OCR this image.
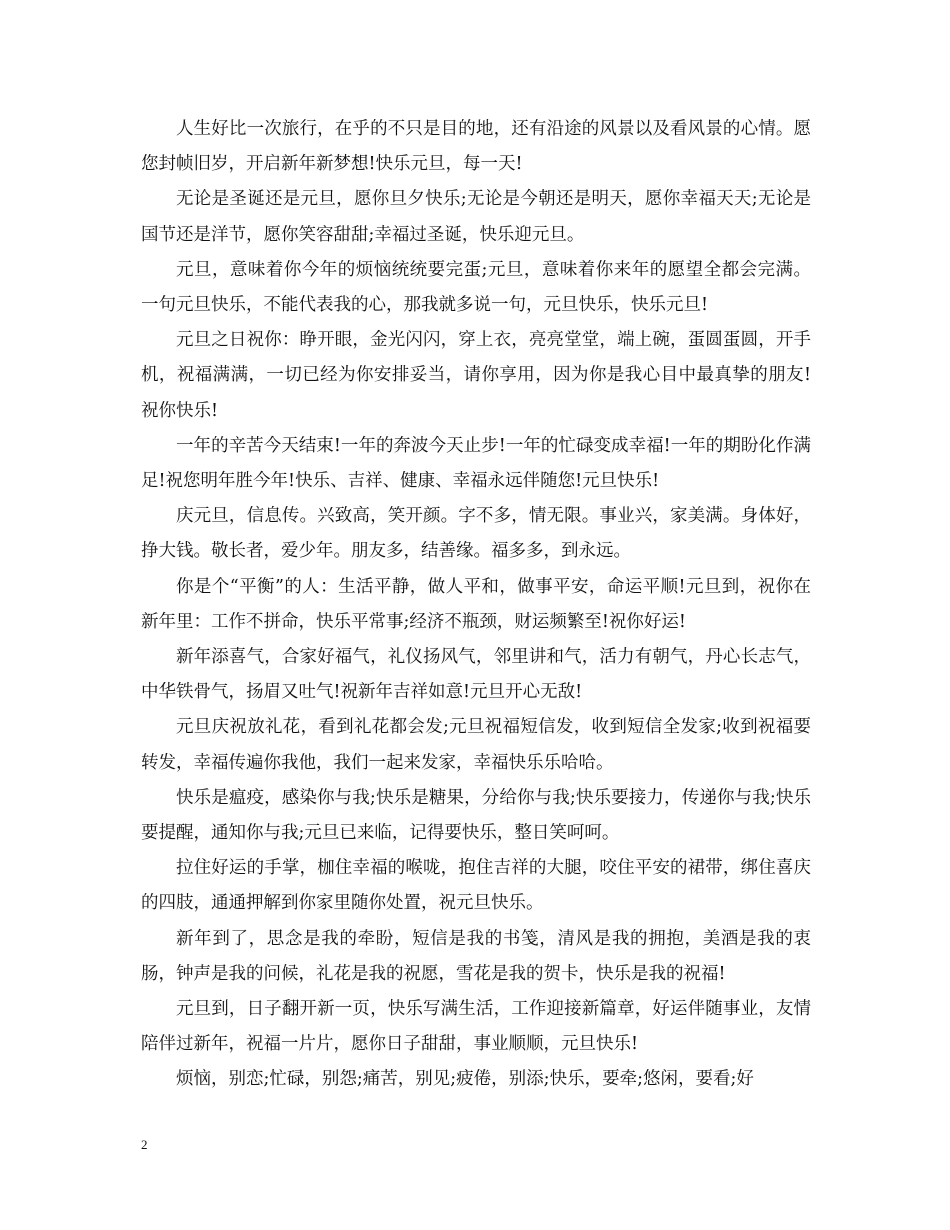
人生好比一次旅行，在乎的不只是目的地，还有沿途的风景以及看风景的心情。愿您封帧旧岁，开启新年新梦想!快乐元旦，每一天!

无论是圣诞还是元旦，愿你旦夕快乐;无论是今朝还是明天，愿你幸福天天;无论是国节还是洋节，愿你笑容甜甜;幸福过圣诞，快乐迎元旦。

元旦，意味着你今年的烦恼统统要完蛋;元旦，意味着你来年的愿望全都会完满。一句元旦快乐，不能代表我的心，那我就多说一句，元旦快乐，快乐元旦!

元旦之日祝你：睁开眼，金光闪闪，穿上衣，亮亮堂堂，端上碗，蛋圆蛋圆，开手机，祝福满满，一切已经为你安排妥当，请你享用，因为你是我心目中最真挚的朋友!祝你快乐!

一年的辛苦今天结束!一年的奔波今天止步!一年的忙碌变成幸福!一年的期盼化作满足!祝您明年胜今年!快乐、吉祥、健康、幸福永远伴随您!元旦快乐!

庆元旦，信息传。兴致高，笑开颜。字不多，情无限。事业兴，家美满。身体好，挣大钱。敬长者，爱少年。朋友多，结善缘。福多多，到永远。

你是个“平衡”的人：生活平静，做人平和，做事平安，命运平顺!元旦到，祝你在新年里：工作不拼命，快乐平常事;经济不瓶颈，财运频繁至!祝你好运!

新年添喜气，合家好福气，礼仪扬风气，邻里讲和气，活力有朝气，丹心长志气，中华铁骨气，扬眉又吐气!祝新年吉祥如意!元旦开心无敌!

元旦庆祝放礼花，看到礼花都会发;元旦祝福短信发，收到短信全发家;收到祝福要转发，幸福传遍你我他，我们一起来发家，幸福快乐乐哈哈。

快乐是瘟疫，感染你与我;快乐是糖果，分给你与我;快乐要接力，传递你与我;快乐要提醒，通知你与我;元旦已来临，记得要快乐，整日笑呵呵。

拉住好运的手掌，枷住幸福的喉咙，抱住吉祥的大腿，咬住平安的裙带，绑住喜庆的四肢，通通押解到你家里随你处置，祝元旦快乐。

新年到了，思念是我的牵盼，短信是我的书笺，清风是我的拥抱，美酒是我的衷肠，钟声是我的问候，礼花是我的祝愿，雪花是我的贺卡，快乐是我的祝福!

元旦到，日子翻开新一页，快乐写满生活，工作迎接新篇章，好运伴随事业，友情陪伴过新年，祝福一片片，愿你日子甜甜，事业顺顺，元旦快乐!

烦恼，别恋;忙碌，别怨;痛苦，别见;疲倦，别添;快乐，要牵;悠闲，要看;好

2
